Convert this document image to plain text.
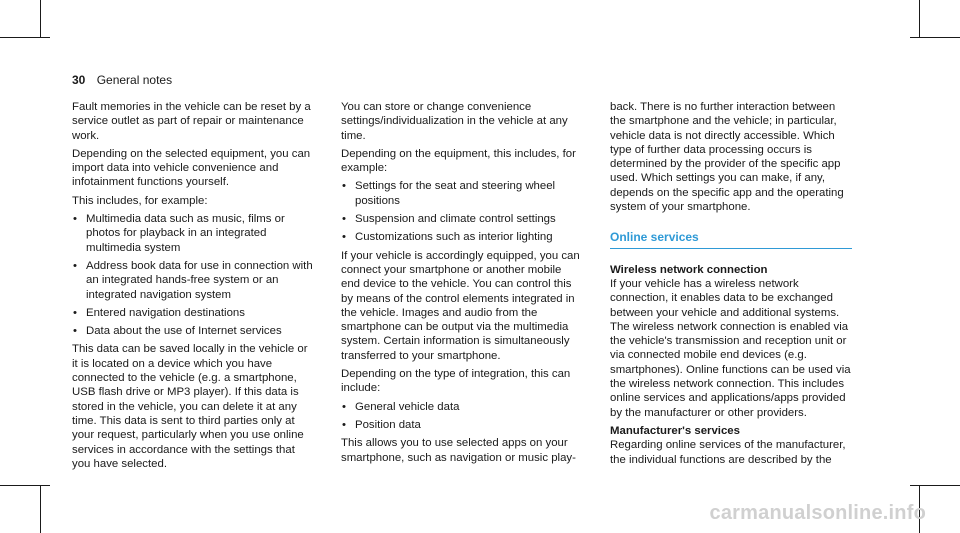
30 General notes

Fault memories in the vehicle can be reset by a service outlet as part of repair or maintenance work.

Depending on the selected equipment, you can import data into vehicle convenience and infotainment functions yourself.

This includes, for example:

• Multimedia data such as music, films or photos for playback in an integrated multimedia system
• Address book data for use in connection with an integrated hands-free system or an integrated navigation system
• Entered navigation destinations
• Data about the use of Internet services

This data can be saved locally in the vehicle or it is located on a device which you have connected to the vehicle (e.g. a smartphone, USB flash drive or MP3 player). If this data is stored in the vehicle, you can delete it at any time. This data is sent to third parties only at your request, particularly when you use online services in accordance with the settings that you have selected.

You can store or change convenience settings/individualization in the vehicle at any time.

Depending on the equipment, this includes, for example:

• Settings for the seat and steering wheel positions
• Suspension and climate control settings
• Customizations such as interior lighting

If your vehicle is accordingly equipped, you can connect your smartphone or another mobile end device to the vehicle. You can control this by means of the control elements integrated in the vehicle. Images and audio from the smartphone can be output via the multimedia system. Certain information is simultaneously transferred to your smartphone.

Depending on the type of integration, this can include:

• General vehicle data
• Position data

This allows you to use selected apps on your smartphone, such as navigation or music play-

back. There is no further interaction between the smartphone and the vehicle; in particular, vehicle data is not directly accessible. Which type of further data processing occurs is determined by the provider of the specific app used. Which settings you can make, if any, depends on the specific app and the operating system of your smartphone.

Online services
Wireless network connection

If your vehicle has a wireless network connection, it enables data to be exchanged between your vehicle and additional systems. The wireless network connection is enabled via the vehicle's transmission and reception unit or via connected mobile end devices (e.g. smartphones). Online functions can be used via the wireless network connection. This includes online services and applications/apps provided by the manufacturer or other providers.

Manufacturer's services

Regarding online services of the manufacturer, the individual functions are described by the

carmanualsonline.info
